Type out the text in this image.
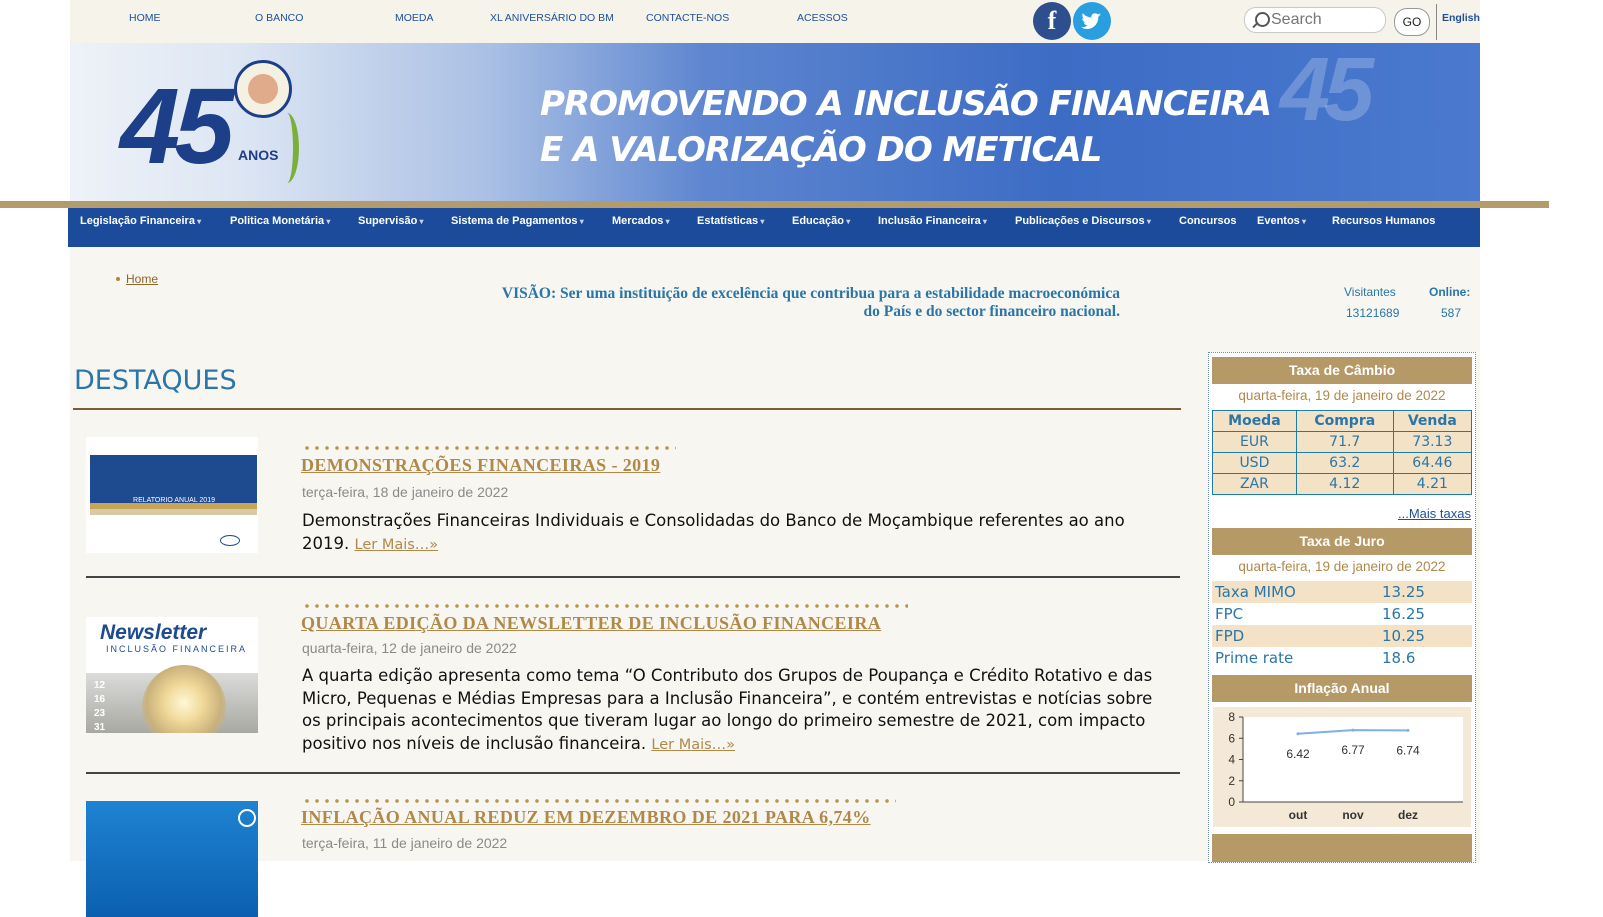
HOME	O BANCO	MOEDA	XL ANIVERSÁRIO DO BM	CONTACTE-NOS	ACESSOS	f
Search	GO	English
45 ANOS
45
PROMOVENDO A INCLUSÃO FINANCEIRA
E A VALORIZAÇÃO DO METICAL
Legislação Financeira ▾	Politica Monetária ▾	Supervisão ▾	Sistema de Pagamentos ▾	Mercados ▾	Estatísticas ▾	Educação ▾	Inclusão Financeira ▾	Publicações e Discursos ▾	Concursos Eventos ▾	Recursos Humanos
Home
VISÃO: Ser uma instituição de excelência que contribua para a estabilidade macroeconómica
do País e do sector financeiro nacional.
Visitantes
13121689
Online:
587
DESTAQUES
RELATORIO ANUAL 2019
DEMONSTRAÇÕES FINANCEIRAS - 2019
terça-feira, 18 de janeiro de 2022
Demonstrações Financeiras Individuais e Consolidadas do Banco de Moçambique referentes ao ano 2019. Ler Mais…»
Newsletter
INCLUSÃO FINANCEIRA
12
16
23
31
QUARTA EDIÇÃO DA NEWSLETTER DE INCLUSÃO FINANCEIRA
quarta-feira, 12 de janeiro de 2022
A quarta edição apresenta como tema “O Contributo dos Grupos de Poupança e Crédito Rotativo e das Micro, Pequenas e Médias Empresas para a Inclusão Financeira”, e contém entrevistas e notícias sobre os principais acontecimentos que tiveram lugar ao longo do primeiro semestre de 2021, com impacto positivo nos níveis de inclusão financeira. Ler Mais…»
INFLAÇÃO ANUAL REDUZ EM DEZEMBRO DE 2021 PARA 6,74%
terça-feira, 11 de janeiro de 2022
Taxa de Câmbio
quarta-feira, 19 de janeiro de 2022
Moeda	Compra	Venda
EUR	71.7	73.13
USD	63.2	64.46
ZAR	4.12	4.21
...Mais taxas
Taxa de Juro
quarta-feira, 19 de janeiro de 2022
Taxa MIMO	13.25
FPC	16.25
FPD	10.25
Prime rate	18.6
Inflação Anual
0
2
4
6
8
out	nov	dez
6.42	6.77	6.74
